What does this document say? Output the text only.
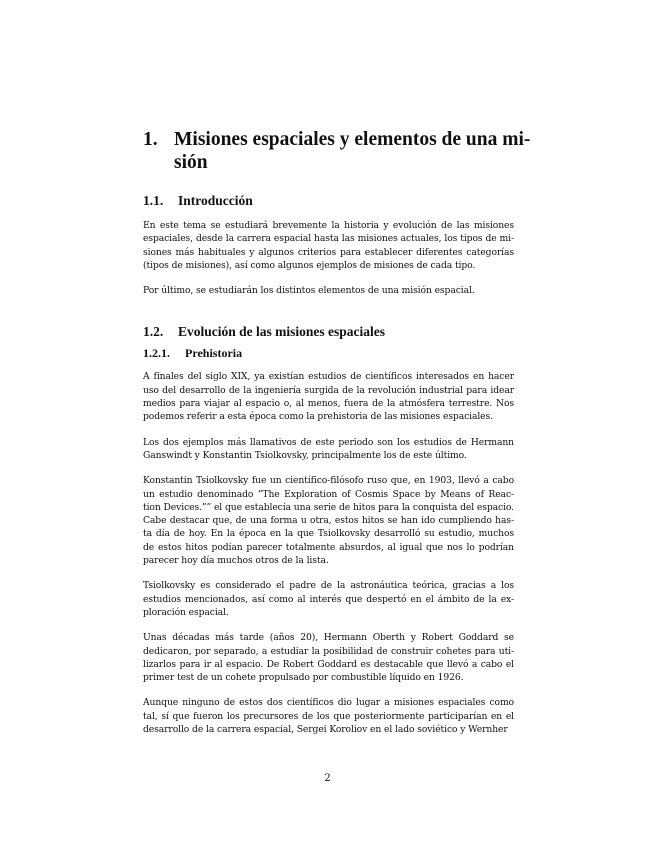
1. Misiones espaciales y elementos de una mi-
sión
1.1. Introducción

En este tema se estudiará brevemente la historia y evolución de las misiones
espaciales, desde la carrera espacial hasta las misiones actuales, los tipos de mi-
siones más habituales y algunos criterios para establecer diferentes categorías
(tipos de misiones), así como algunos ejemplos de misiones de cada tipo.

Por último, se estudiarán los distintos elementos de una misión espacial.

1.2. Evolución de las misiones espaciales
1.2.1. Prehistoria

A finales del siglo XIX, ya existían estudios de científicos interesados en hacer
uso del desarrollo de la ingeniería surgida de la revolución industrial para idear
medios para viajar al espacio o, al menos, fuera de la atmósfera terrestre. Nos
podemos referir a esta época como la prehistoria de las misiones espaciales.

Los dos ejemplos más llamativos de este periodo son los estudios de Hermann
Ganswindt y Konstantin Tsiolkovsky, principalmente los de este último.

Konstantin Tsiolkovsky fue un científico-filósofo ruso que, en 1903, llevó a cabo
un estudio denominado ”The Exploration of Cosmis Space by Means of Reac-
tion Devices.”” el que establecía una serie de hitos para la conquista del espacio.
Cabe destacar que, de una forma u otra, estos hitos se han ido cumpliendo has-
ta día de hoy. En la época en la que Tsiolkovsky desarrolló su estudio, muchos
de estos hitos podían parecer totalmente absurdos, al igual que nos lo podrían
parecer hoy día muchos otros de la lista.

Tsiolkovsky es considerado el padre de la astronáutica teórica, gracias a los
estudios mencionados, así como al interés que despertó en el ámbito de la ex-
ploración espacial.

Unas décadas más tarde (años 20), Hermann Oberth y Robert Goddard se
dedicaron, por separado, a estudiar la posibilidad de construir cohetes para uti-
lizarlos para ir al espacio. De Robert Goddard es destacable que llevó a cabo el
primer test de un cohete propulsado por combustible líquido en 1926.

Aunque ninguno de estos dos científicos dio lugar a misiones espaciales como
tal, sí que fueron los precursores de los que posteriormente participarían en el
desarrollo de la carrera espacial, Sergei Koroliov en el lado soviético y Wernher

2
